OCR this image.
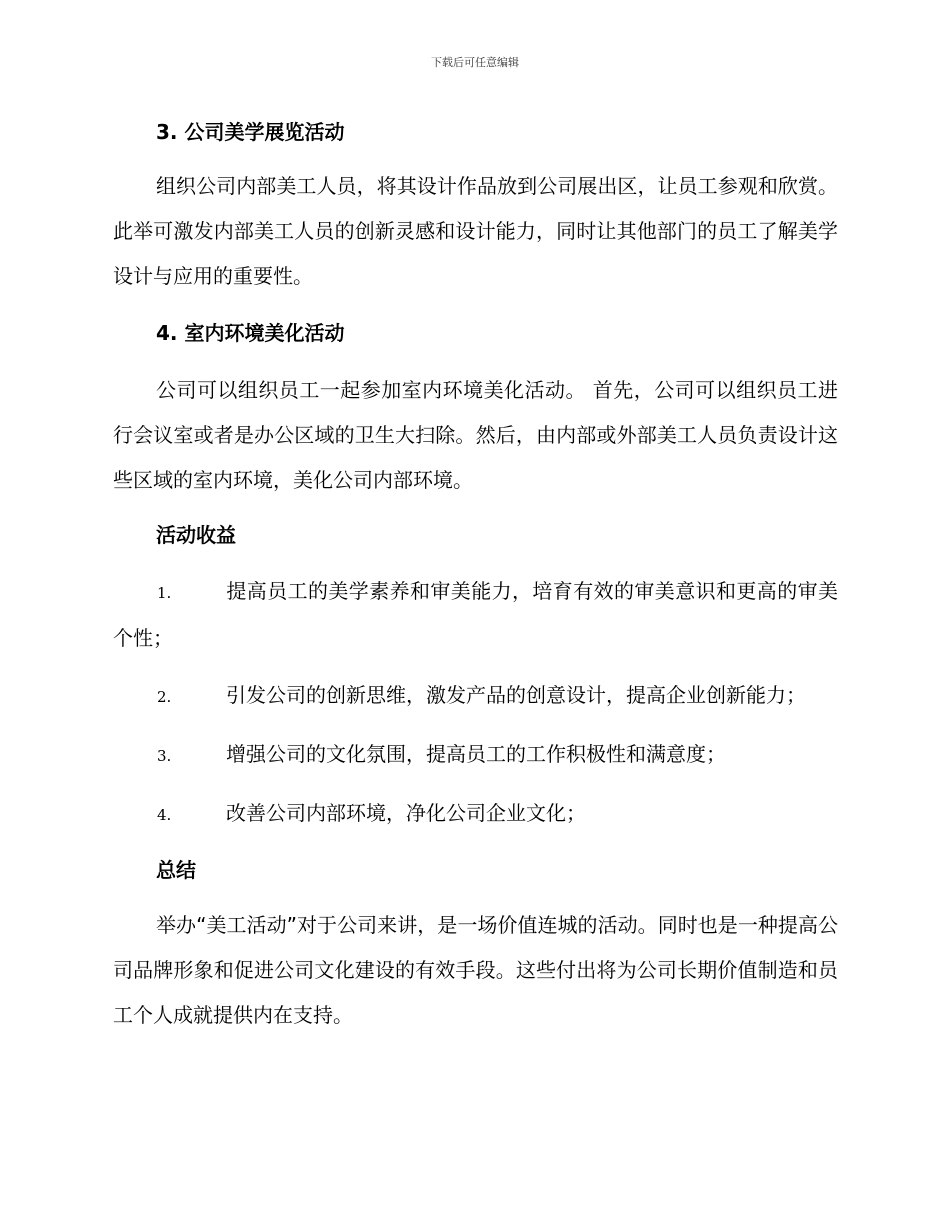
下载后可任意编辑
3. 公司美学展览活动

组织公司内部美工人员，将其设计作品放到公司展出区，让员工参观和欣赏。此举可激发内部美工人员的创新灵感和设计能力，同时让其他部门的员工了解美学设计与应用的重要性。

4. 室内环境美化活动

公司可以组织员工一起参加室内环境美化活动。 首先，公司可以组织员工进行会议室或者是办公区域的卫生大扫除。然后，由内部或外部美工人员负责设计这些区域的室内环境，美化公司内部环境。

活动收益
1.	提高员工的美学素养和审美能力，培育有效的审美意识和更高的审美个性；
2.	引发公司的创新思维，激发产品的创意设计，提高企业创新能力；
3.	增强公司的文化氛围，提高员工的工作积极性和满意度；
4.	改善公司内部环境，净化公司企业文化；
总结

举办“美工活动”对于公司来讲，是一场价值连城的活动。同时也是一种提高公司品牌形象和促进公司文化建设的有效手段。这些付出将为公司长期价值制造和员工个人成就提供内在支持。
